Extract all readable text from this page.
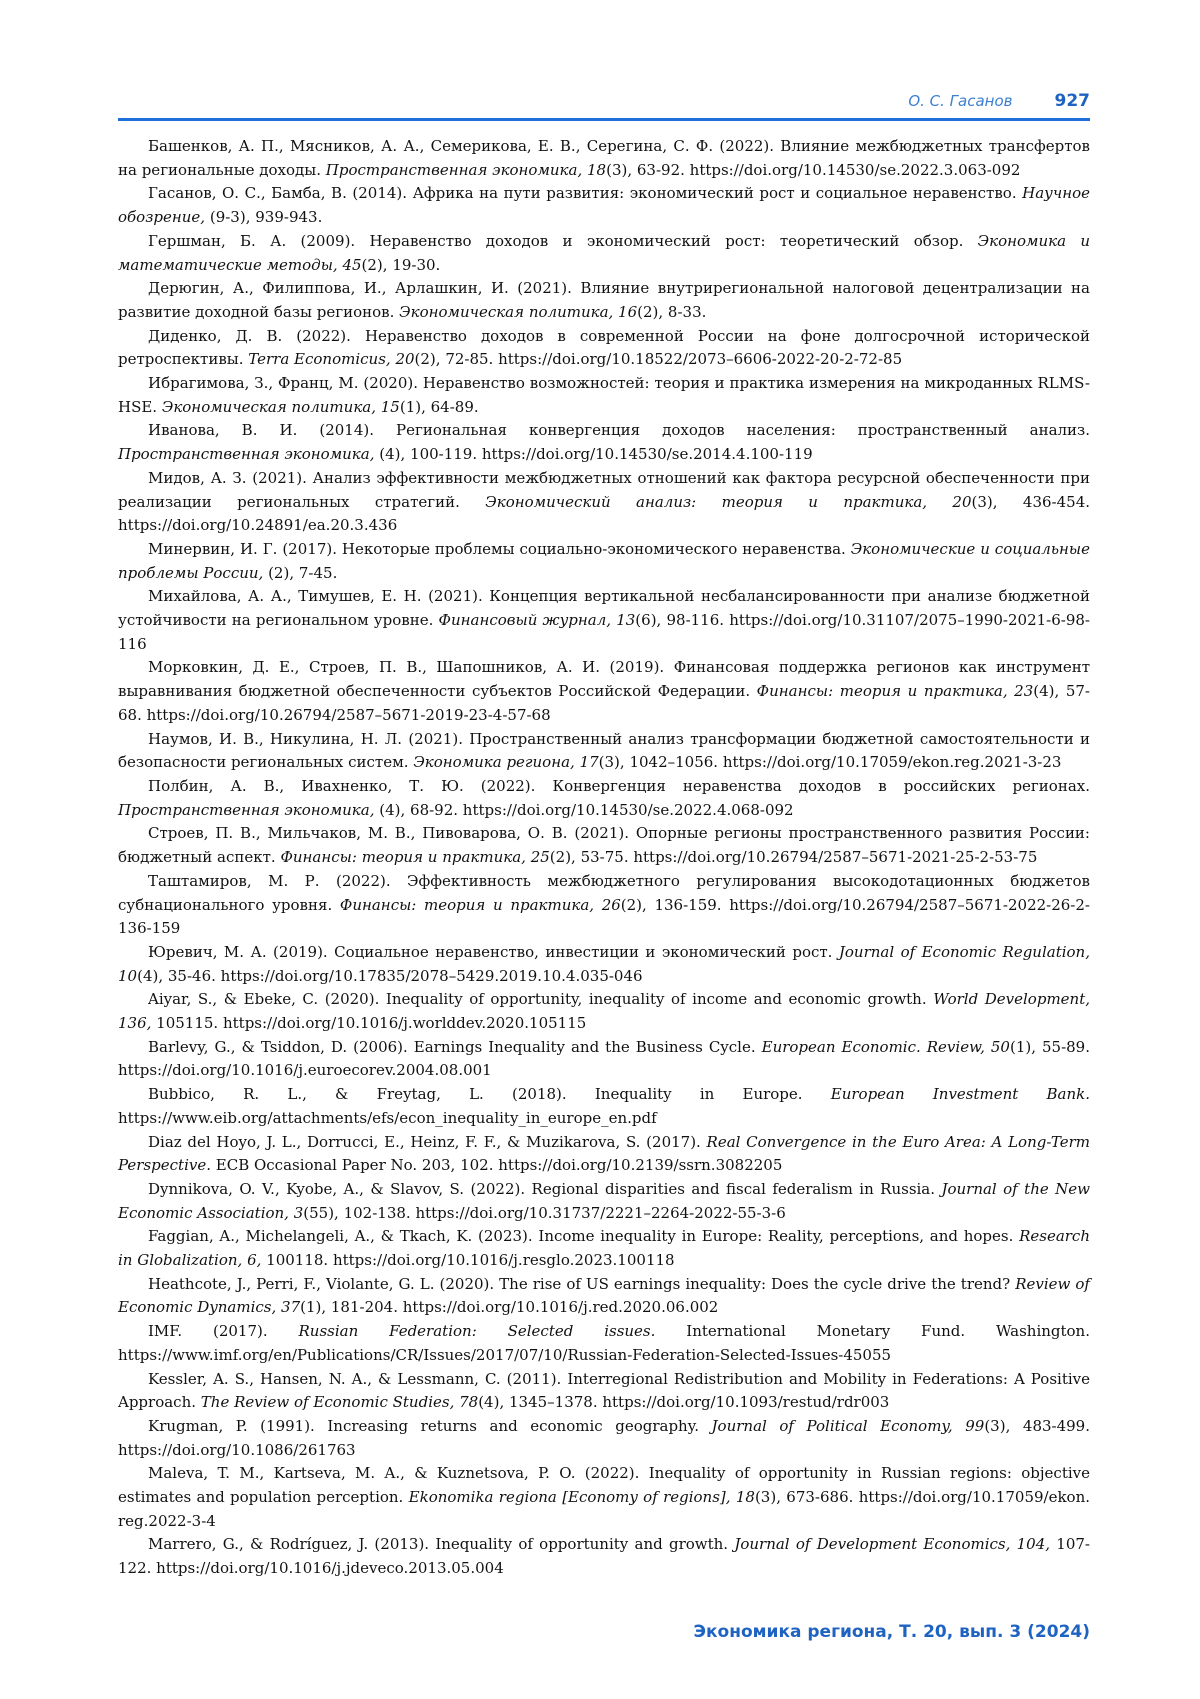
О. С. Гасанов 927

Башенков, А. П., Мясников, А. А., Семерикова, Е. В., Серегина, С. Ф. (2022). Влияние межбюджетных трансфертов на региональные доходы. Пространственная экономика, 18(3), 63-92. https://doi.org/10.14530/se.2022.3.063-092

Гасанов, О. С., Бамба, В. (2014). Африка на пути развития: экономический рост и социальное неравенство. Научное обозрение, (9-3), 939-943.

Гершман, Б. А. (2009). Неравенство доходов и экономический рост: теоретический обзор. Экономика и математические методы, 45(2), 19-30.

Дерюгин, А., Филиппова, И., Арлашкин, И. (2021). Влияние внутрирегиональной налоговой децентрализации на развитие доходной базы регионов. Экономическая политика, 16(2), 8-33.

Диденко, Д. В. (2022). Неравенство доходов в современной России на фоне долгосрочной исторической ретроспективы. Terra Economicus, 20(2), 72-85. https://doi.org/10.18522/2073–6606-2022-20-2-72-85

Ибрагимова, З., Франц, М. (2020). Неравенство возможностей: теория и практика измерения на микроданных RLMS-HSE. Экономическая политика, 15(1), 64-89.

Иванова, В. И. (2014). Региональная конвергенция доходов населения: пространственный анализ. Пространственная экономика, (4), 100-119. https://doi.org/10.14530/se.2014.4.100-119

Мидов, А. З. (2021). Анализ эффективности межбюджетных отношений как фактора ресурсной обеспеченности при реализации региональных стратегий. Экономический анализ: теория и практика, 20(3), 436-454. https://doi.org/10.24891/ea.20.3.436

Минервин, И. Г. (2017). Некоторые проблемы социально-экономического неравенства. Экономические и социальные проблемы России, (2), 7-45.

Михайлова, А. А., Тимушев, Е. Н. (2021). Концепция вертикальной несбалансированности при анализе бюджетной устойчивости на региональном уровне. Финансовый журнал, 13(6), 98-116. https://doi.org/10.31107/2075–1990-2021-6-98-116

Морковкин, Д. Е., Строев, П. В., Шапошников, А. И. (2019). Финансовая поддержка регионов как инструмент выравнивания бюджетной обеспеченности субъектов Российской Федерации. Финансы: теория и практика, 23(4), 57-68. https://doi.org/10.26794/2587–5671-2019-23-4-57-68

Наумов, И. В., Никулина, Н. Л. (2021). Пространственный анализ трансформации бюджетной самостоятельности и безопасности региональных систем. Экономика региона, 17(3), 1042–1056. https://doi.org/10.17059/ekon.reg.2021-3-23

Полбин, А. В., Ивахненко, Т. Ю. (2022). Конвергенция неравенства доходов в российских регионах. Пространственная экономика, (4), 68-92. https://doi.org/10.14530/se.2022.4.068-092

Строев, П. В., Мильчаков, М. В., Пивоварова, О. В. (2021). Опорные регионы пространственного развития России: бюджетный аспект. Финансы: теория и практика, 25(2), 53-75. https://doi.org/10.26794/2587–5671-2021-25-2-53-75

Таштамиров, М. Р. (2022). Эффективность межбюджетного регулирования высокодотационных бюджетов субнационального уровня. Финансы: теория и практика, 26(2), 136-159. https://doi.org/10.26794/2587–5671-2022-26-2-136-159

Юревич, М. А. (2019). Социальное неравенство, инвестиции и экономический рост. Journal of Economic Regulation, 10(4), 35-46. https://doi.org/10.17835/2078–5429.2019.10.4.035-046

Aiyar, S., & Ebeke, C. (2020). Inequality of opportunity, inequality of income and economic growth. World Development, 136, 105115. https://doi.org/10.1016/j.worlddev.2020.105115

Barlevy, G., & Tsiddon, D. (2006). Earnings Inequality and the Business Cycle. European Economic. Review, 50(1), 55-89. https://doi.org/10.1016/j.euroecorev.2004.08.001

Bubbico, R. L., & Freytag, L. (2018). Inequality in Europe. European Investment Bank. https://www.eib.org/attachments/efs/econ_inequality_in_europe_en.pdf

Diaz del Hoyo, J. L., Dorrucci, E., Heinz, F. F., & Muzikarova, S. (2017). Real Convergence in the Euro Area: A Long-Term Perspective. ECB Occasional Paper No. 203, 102. https://doi.org/10.2139/ssrn.3082205

Dynnikova, O. V., Kyobe, A., & Slavov, S. (2022). Regional disparities and fiscal federalism in Russia. Journal of the New Economic Association, 3(55), 102-138. https://doi.org/10.31737/2221–2264-2022-55-3-6

Faggian, A., Michelangeli, A., & Tkach, K. (2023). Income inequality in Europe: Reality, perceptions, and hopes. Research in Globalization, 6, 100118. https://doi.org/10.1016/j.resglo.2023.100118

Heathcote, J., Perri, F., Violante, G. L. (2020). The rise of US earnings inequality: Does the cycle drive the trend? Review of Economic Dynamics, 37(1), 181-204. https://doi.org/10.1016/j.red.2020.06.002

IMF. (2017). Russian Federation: Selected issues. International Monetary Fund. Washington. https://www.imf.org/en/Publications/CR/Issues/2017/07/10/Russian-Federation-Selected-Issues-45055

Kessler, A. S., Hansen, N. A., & Lessmann, C. (2011). Interregional Redistribution and Mobility in Federations: A Positive Approach. The Review of Economic Studies, 78(4), 1345–1378. https://doi.org/10.1093/restud/rdr003

Krugman, P. (1991). Increasing returns and economic geography. Journal of Political Economy, 99(3), 483-499. https://doi.org/10.1086/261763

Maleva, T. M., Kartseva, M. A., & Kuznetsova, P. O. (2022). Inequality of opportunity in Russian regions: objective estimates and population perception. Ekonomika regiona [Economy of regions], 18(3), 673-686. https://doi.org/10.17059/ekon. reg.2022-3-4

Marrero, G., & Rodríguez, J. (2013). Inequality of opportunity and growth. Journal of Development Economics, 104, 107-122. https://doi.org/10.1016/j.jdeveco.2013.05.004

Экономика региона, Т. 20, вып. 3 (2024)
